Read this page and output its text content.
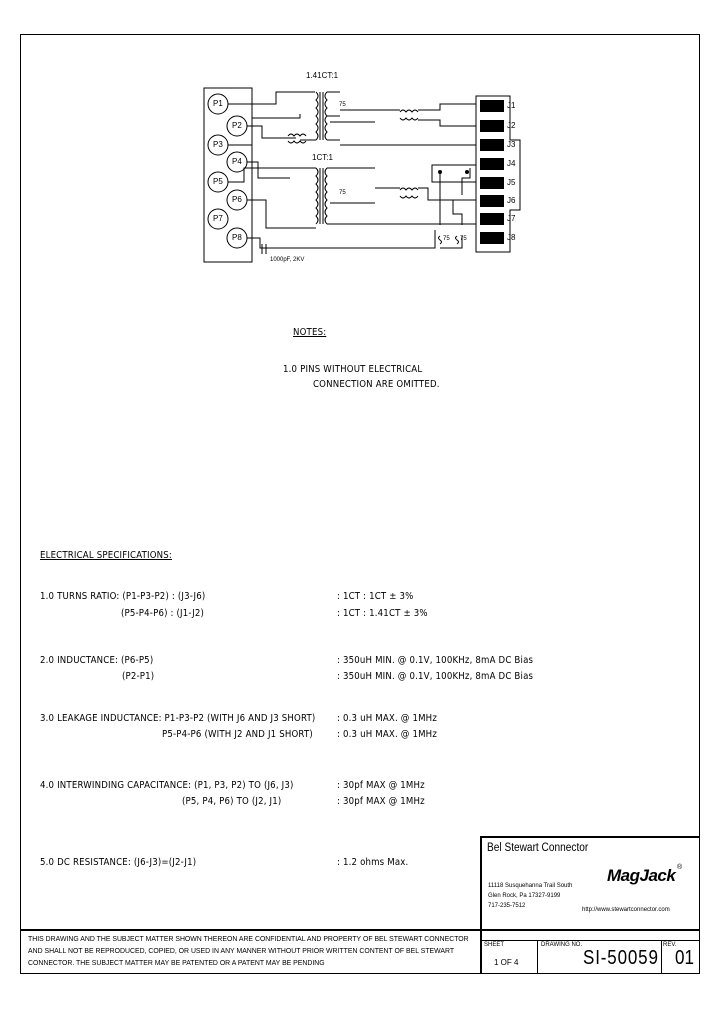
P1
P2
P3
P4
P5
P6
P7
P8
1.41CT:1
1CT:1
75
75
75 75
1000pF, 2KV
J1
J2
J3
J4
J5
J6
J7
J8
NOTES:
1.0 PINS WITHOUT ELECTRICAL
CONNECTION ARE OMITTED.
ELECTRICAL SPECIFICATIONS:
1.0 TURNS RATIO: (P1-P3-P2) : (J3-J6)
(P5-P4-P6) : (J1-J2)
: 1CT : 1CT ± 3%
: 1CT : 1.41CT ± 3%
2.0 INDUCTANCE: (P6-P5)
(P2-P1)
: 350uH MIN. @ 0.1V, 100KHz, 8mA DC Bias
: 350uH MIN. @ 0.1V, 100KHz, 8mA DC Bias
3.0 LEAKAGE INDUCTANCE: P1-P3-P2 (WITH J6 AND J3 SHORT)
P5-P4-P6 (WITH J2 AND J1 SHORT)
: 0.3 uH MAX. @ 1MHz
: 0.3 uH MAX. @ 1MHz
4.0 INTERWINDING CAPACITANCE: (P1, P3, P2) TO (J6, J3)
(P5, P4, P6) TO (J2, J1)
: 30pf MAX @ 1MHz
: 30pf MAX @ 1MHz
5.0 DC RESISTANCE: (J6-J3)=(J2-J1)	: 1.2 ohms Max.
Bel Stewart Connector
11118 Susquehanna Trail South
Glen Rock, Pa 17327-9199
717-235-7512
MagJack ®
http://www.stewartconnector.com
THIS DRAWING AND THE SUBJECT MATTER SHOWN THEREON ARE CONFIDENTIAL AND PROPERTY OF BEL STEWART CONNECTOR
AND SHALL NOT BE REPRODUCED, COPIED, OR USED IN ANY MANNER WITHOUT PRIOR WRITTEN CONTENT OF BEL STEWART
CONNECTOR. THE SUBJECT MATTER MAY BE PATENTED OR A PATENT MAY BE PENDING
SHEET
1 OF 4
DRAWING NO.
SI-50059
REV.
01
